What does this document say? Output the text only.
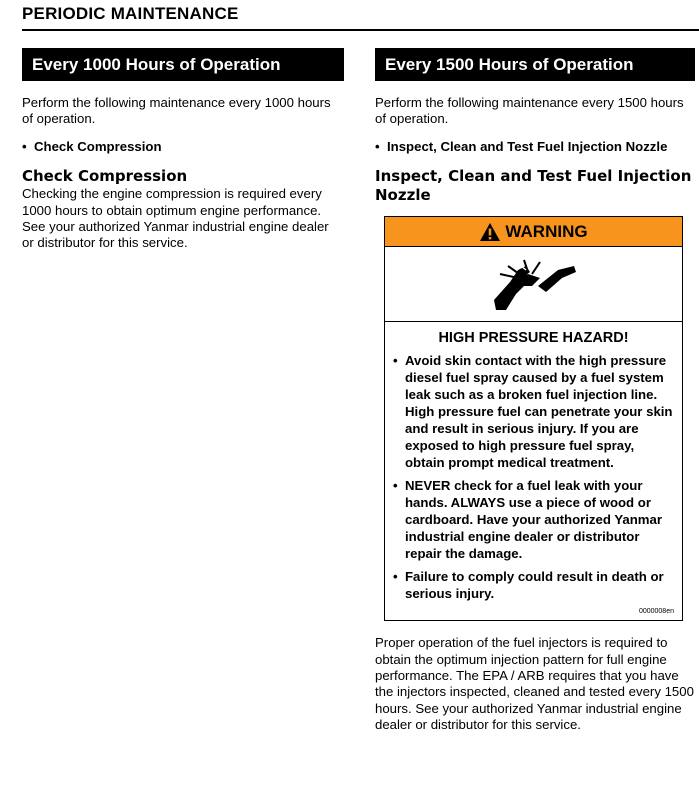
PERIODIC MAINTENANCE
Every 1000 Hours of Operation
Perform the following maintenance every 1000 hours of operation.
• Check Compression
Check Compression
Checking the engine compression is required every 1000 hours to obtain optimum engine performance. See your authorized Yanmar industrial engine dealer or distributor for this service.
Every 1500 Hours of Operation
Perform the following maintenance every 1500 hours of operation.
• Inspect, Clean and Test Fuel Injection Nozzle
Inspect, Clean and Test Fuel Injection Nozzle
WARNING
HIGH PRESSURE HAZARD!
• Avoid skin contact with the high pressure diesel fuel spray caused by a fuel system leak such as a broken fuel injection line. High pressure fuel can penetrate your skin and result in serious injury. If you are exposed to high pressure fuel spray, obtain prompt medical treatment.
• NEVER check for a fuel leak with your hands. ALWAYS use a piece of wood or cardboard. Have your authorized Yanmar industrial engine dealer or distributor repair the damage.
• Failure to comply could result in death or serious injury.
0000008en
Proper operation of the fuel injectors is required to obtain the optimum injection pattern for full engine performance. The EPA / ARB requires that you have the injectors inspected, cleaned and tested every 1500 hours. See your authorized Yanmar industrial engine dealer or distributor for this service.
